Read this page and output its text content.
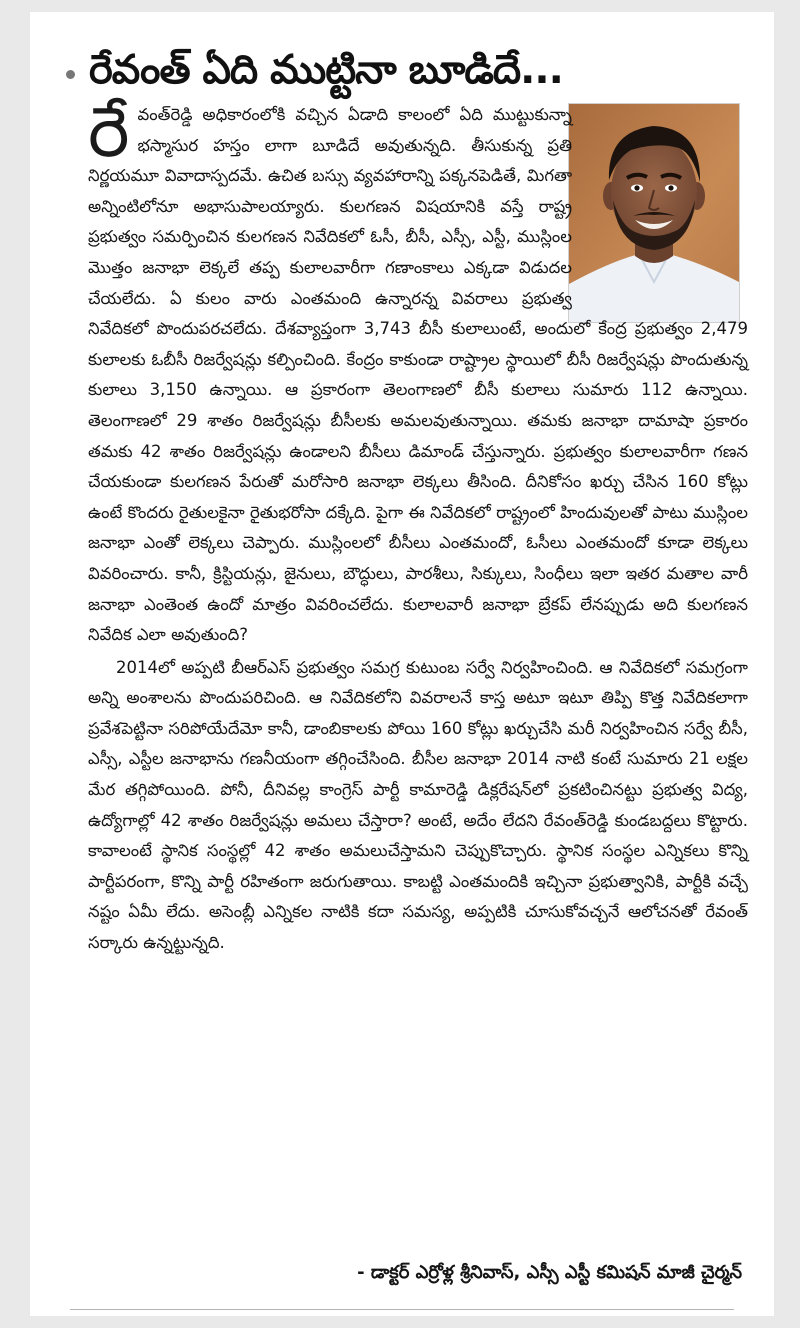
రేవంత్ ఏది ముట్టినా బూడిదే...

రేవంత్‌రెడ్డి అధికారంలోకి వచ్చిన ఏడాది కాలంలో ఏది ముట్టుకున్నా భస్మాసుర హస్తం లాగా బూడిదే అవుతున్నది. తీసుకున్న ప్రతి నిర్ణయమూ వివాదాస్పదమే. ఉచిత బస్సు వ్యవహారాన్ని పక్కనపెడితే, మిగతా అన్నింటిలోనూ అభాసుపాలయ్యారు. కులగణన విషయానికి వస్తే రాష్ట్ర ప్రభుత్వం సమర్పించిన కులగణన నివేదికలో ఓసీ, బీసీ, ఎస్సీ, ఎస్టీ, ముస్లింల మొత్తం జనాభా లెక్కలే తప్ప కులాలవారీగా గణాంకాలు ఎక్కడా విడుదల చేయలేదు. ఏ కులం వారు ఎంతమంది ఉన్నారన్న వివరాలు ప్రభుత్వ నివేదికలో పొందుపరచలేదు. దేశవ్యాప్తంగా 3,743 బీసీ కులాలుంటే, అందులో కేంద్ర ప్రభుత్వం 2,479 కులాలకు ఓబీసీ రిజర్వేషన్లు కల్పించింది. కేంద్రం కాకుండా రాష్ట్రాల స్థాయిలో బీసీ రిజర్వేషన్లు పొందుతున్న కులాలు 3,150 ఉన్నాయి. ఆ ప్రకారంగా తెలంగాణలో బీసీ కులాలు సుమారు 112 ఉన్నాయి. తెలంగాణలో 29 శాతం రిజర్వేషన్లు బీసీలకు అమలవుతున్నాయి. తమకు జనాభా దామాషా ప్రకారం తమకు 42 శాతం రిజర్వేషన్లు ఉండాలని బీసీలు డిమాండ్ చేస్తున్నారు. ప్రభుత్వం కులాలవారీగా గణన చేయకుండా కులగణన పేరుతో మరోసారి జనాభా లెక్కలు తీసింది. దీనికోసం ఖర్చు చేసిన 160 కోట్లు ఉంటే కొందరు రైతులకైనా రైతుభరోసా దక్కేది. పైగా ఈ నివేదికలో రాష్ట్రంలో హిందువులతో పాటు ముస్లింల జనాభా ఎంతో లెక్కలు చెప్పారు. ముస్లింలలో బీసీలు ఎంతమందో, ఓసీలు ఎంతమందో కూడా లెక్కలు వివరించారు. కానీ, క్రిస్టియన్లు, జైనులు, బౌద్ధులు, పారశీలు, సిక్కులు, సింధీలు ఇలా ఇతర మతాల వారీ జనాభా ఎంతెంత ఉందో మాత్రం వివరించలేదు. కులాలవారీ జనాభా బ్రేకప్ లేనప్పుడు అది కులగణన నివేదిక ఎలా అవుతుంది?

2014లో అప్పటి బీఆర్ఎస్ ప్రభుత్వం సమగ్ర కుటుంబ సర్వే నిర్వహించింది. ఆ నివేదికలో సమగ్రంగా అన్ని అంశాలను పొందుపరిచింది. ఆ నివేదికలోని వివరాలనే కాస్త అటూ ఇటూ తిప్పి కొత్త నివేదికలాగా ప్రవేశపెట్టినా సరిపోయేదేమో కానీ, డాంబికాలకు పోయి 160 కోట్లు ఖర్చుచేసి మరీ నిర్వహించిన సర్వే బీసీ, ఎస్సీ, ఎస్టీల జనాభాను గణనీయంగా తగ్గించేసింది. బీసీల జనాభా 2014 నాటి కంటే సుమారు 21 లక్షల మేర తగ్గిపోయింది. పోనీ, దీనివల్ల కాంగ్రెస్ పార్టీ కామారెడ్డి డిక్లరేషన్‌లో ప్రకటించినట్టు ప్రభుత్వ విద్య, ఉద్యోగాల్లో 42 శాతం రిజర్వేషన్లు అమలు చేస్తారా? అంటే, అదేం లేదని రేవంత్‌రెడ్డి కుండబద్దలు కొట్టారు. కావాలంటే స్థానిక సంస్థల్లో 42 శాతం అమలుచేస్తామని చెప్పుకొచ్చారు. స్థానిక సంస్థల ఎన్నికలు కొన్ని పార్టీపరంగా, కొన్ని పార్టీ రహితంగా జరుగుతాయి. కాబట్టి ఎంతమందికి ఇచ్చినా ప్రభుత్వానికి, పార్టీకి వచ్చే నష్టం ఏమీ లేదు. అసెంబ్లీ ఎన్నికల నాటికి కదా సమస్య, అప్పటికి చూసుకోవచ్చనే ఆలోచనతో రేవంత్ సర్కారు ఉన్నట్టున్నది.

- డాక్టర్ ఎర్రోళ్ల శ్రీనివాస్, ఎస్సీ ఎస్టీ కమిషన్ మాజీ చైర్మన్
